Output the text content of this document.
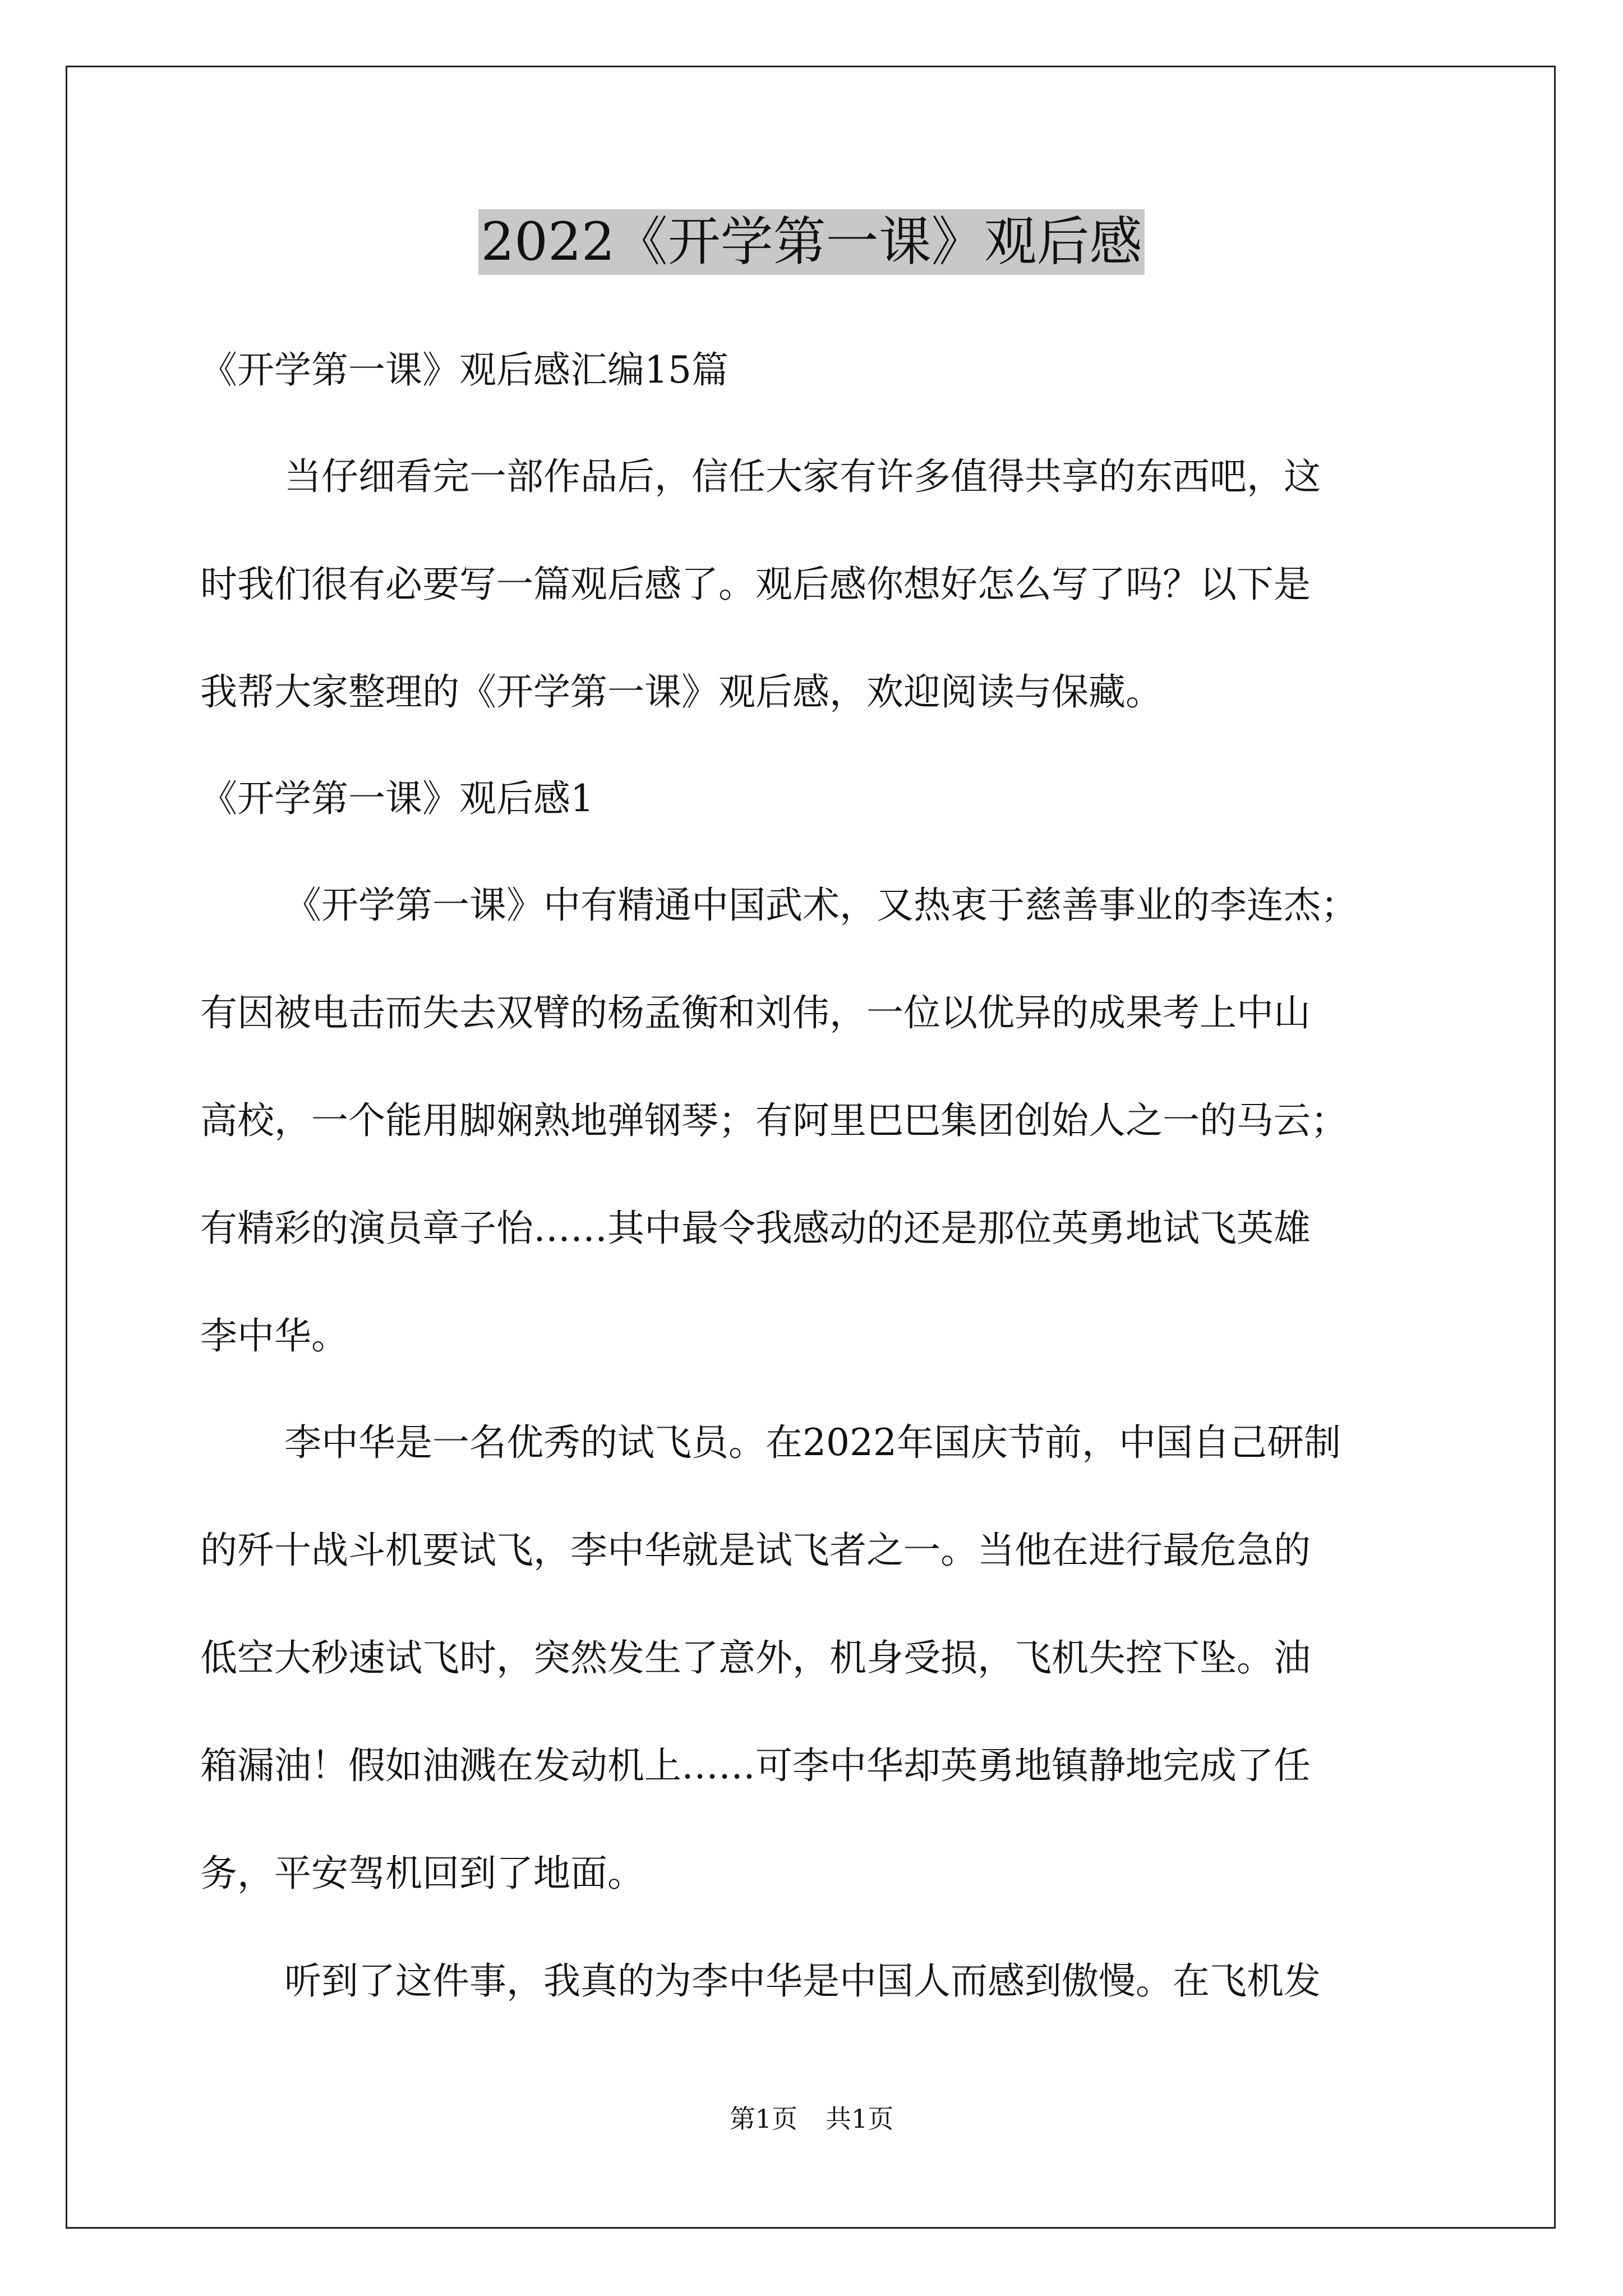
2022《开学第一课》观后感

《开学第一课》观后感汇编15篇

当仔细看完一部作品后，信任大家有许多值得共享的东西吧，这

时我们很有必要写一篇观后感了。观后感你想好怎么写了吗？以下是

我帮大家整理的《开学第一课》观后感，欢迎阅读与保藏。

《开学第一课》观后感1

《开学第一课》中有精通中国武术，又热衷于慈善事业的李连杰；

有因被电击而失去双臂的杨孟衡和刘伟，一位以优异的成果考上中山

高校，一个能用脚娴熟地弹钢琴；有阿里巴巴集团创始人之一的马云；

有精彩的演员章子怡……其中最令我感动的还是那位英勇地试飞英雄

李中华。

李中华是一名优秀的试飞员。在2022年国庆节前，中国自己研制

的歼十战斗机要试飞，李中华就是试飞者之一。当他在进行最危急的

低空大秒速试飞时，突然发生了意外，机身受损，飞机失控下坠。油

箱漏油！假如油溅在发动机上……可李中华却英勇地镇静地完成了任

务，平安驾机回到了地面。

听到了这件事，我真的为李中华是中国人而感到傲慢。在飞机发

第1页 共1页
